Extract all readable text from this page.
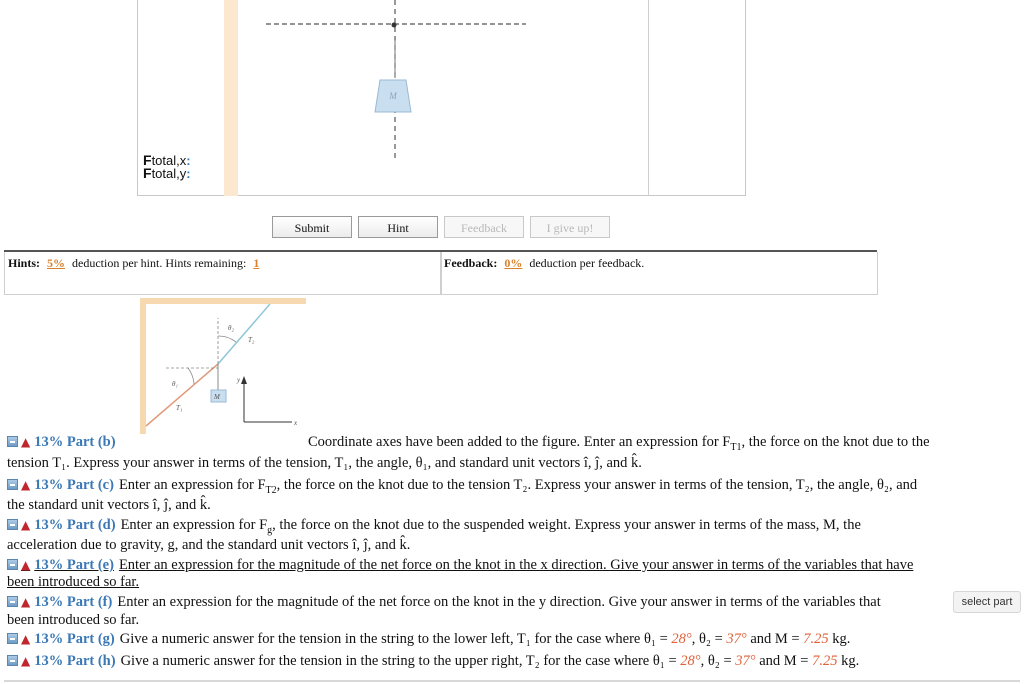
M
Ftotal,x:
Ftotal,y:
Submit	Hint	Feedback	I give up!
Hints: 5% deduction per hint. Hints remaining: 1	Feedback: 0% deduction per feedback.
θ₂
T₂
θ₁
T₁
y
M
x
▲ 13% Part (b)	Coordinate axes have been added to the figure. Enter an expression for $F_{T1}$, the force on the knot due to the
tension T₁. Express your answer in terms of the tension, T₁, the angle, θ₁, and standard unit vectors î, ĵ, and k̂.
▲ 13% Part (c) Enter an expression for $F_{T2}$, the force on the knot due to the tension T₂. Express your answer in terms of the tension, T₂, the angle, θ₂, and
the standard unit vectors î, ĵ, and k̂.
▲ 13% Part (d) Enter an expression for $F_g$, the force on the knot due to the suspended weight. Express your answer in terms of the mass, M, the
acceleration due to gravity, g, and the standard unit vectors î, ĵ, and k̂.
▲ 13% Part (e) Enter an expression for the magnitude of the net force on the knot in the x direction. Give your answer in terms of the variables that have
been introduced so far.
▲ 13% Part (f) Enter an expression for the magnitude of the net force on the knot in the y direction. Give your answer in terms of the variables that	select part
been introduced so far.
▲ 13% Part (g) Give a numeric answer for the tension in the string to the lower left, T₁ for the case where θ₁ = 28°, θ₂ = 37° and M = 7.25 kg.
▲ 13% Part (h) Give a numeric answer for the tension in the string to the upper right, T₂ for the case where θ₁ = 28°, θ₂ = 37° and M = 7.25 kg.
